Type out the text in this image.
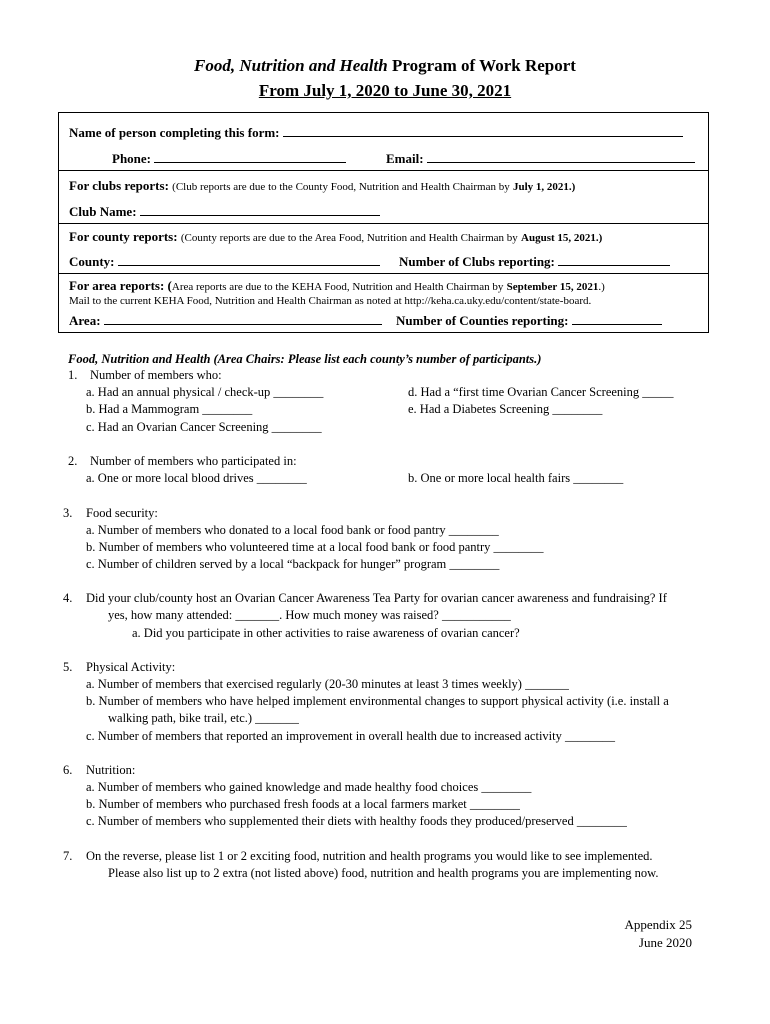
Food, Nutrition and Health Program of Work Report
From July 1, 2020 to June 30, 2021
Name of person completing this form:
Phone:	Email:
For clubs reports: (Club reports are due to the County Food, Nutrition and Health Chairman by July 1, 2021.)
Club Name:
For county reports: (County reports are due to the Area Food, Nutrition and Health Chairman by August 15, 2021.)
County:	Number of Clubs reporting:
For area reports: (Area reports are due to the KEHA Food, Nutrition and Health Chairman by September 15, 2021.)
Mail to the current KEHA Food, Nutrition and Health Chairman as noted at http://keha.ca.uky.edu/content/state-board.
Area:	Number of Counties reporting:
Food, Nutrition and Health (Area Chairs: Please list each county’s number of participants.)
1. Number of members who:
a. Had an annual physical / check-up ________
b. Had a Mammogram ________
c. Had an Ovarian Cancer Screening ________
d. Had a “first time Ovarian Cancer Screening _____
e. Had a Diabetes Screening ________
2. Number of members who participated in:
a. One or more local blood drives ________	b. One or more local health fairs ________
3. Food security:
a. Number of members who donated to a local food bank or food pantry ________
b. Number of members who volunteered time at a local food bank or food pantry ________
c. Number of children served by a local “backpack for hunger” program ________
4. Did your club/county host an Ovarian Cancer Awareness Tea Party for ovarian cancer awareness and fundraising? If
yes, how many attended: _______. How much money was raised? ___________
a. Did you participate in other activities to raise awareness of ovarian cancer?
5. Physical Activity:
a. Number of members that exercised regularly (20-30 minutes at least 3 times weekly) _______
b. Number of members who have helped implement environmental changes to support physical activity (i.e. install a
walking path, bike trail, etc.) _______
c. Number of members that reported an improvement in overall health due to increased activity ________
6. Nutrition:
a. Number of members who gained knowledge and made healthy food choices ________
b. Number of members who purchased fresh foods at a local farmers market ________
c. Number of members who supplemented their diets with healthy foods they produced/preserved ________
7. On the reverse, please list 1 or 2 exciting food, nutrition and health programs you would like to see implemented.
Please also list up to 2 extra (not listed above) food, nutrition and health programs you are implementing now.
Appendix 25
June 2020
